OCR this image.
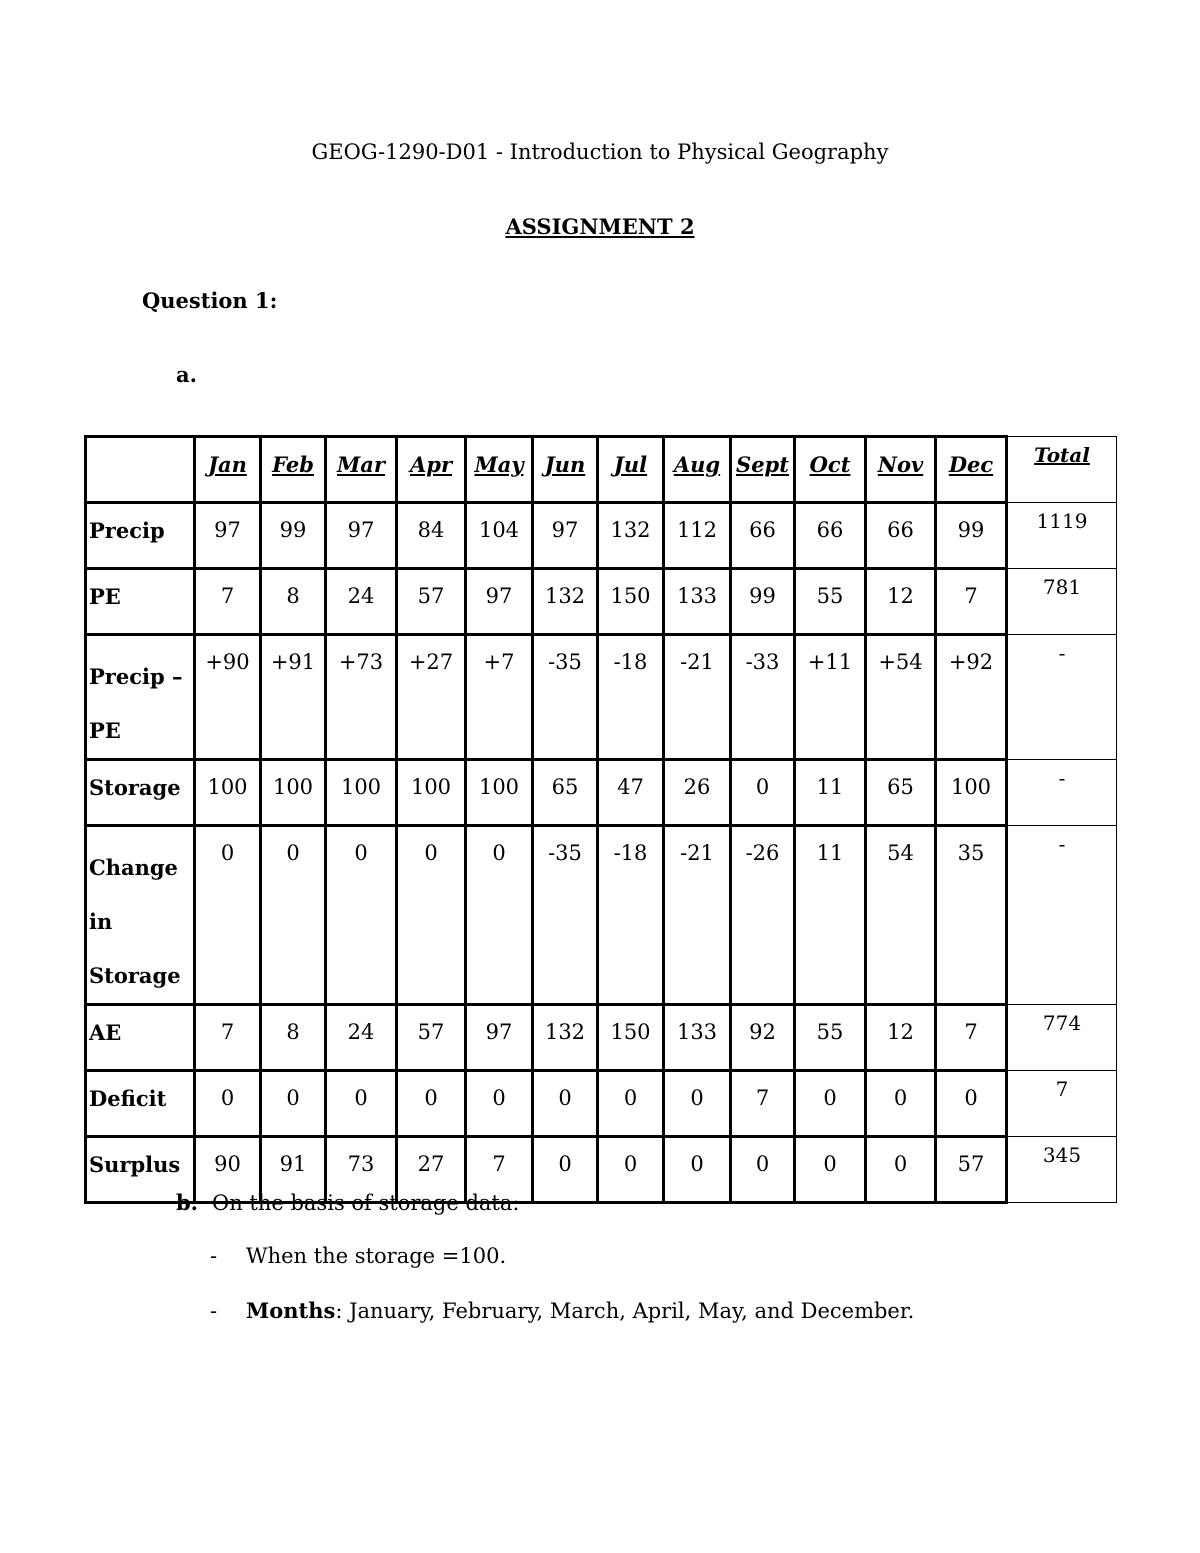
GEOG-1290-D01 - Introduction to Physical Geography
ASSIGNMENT 2
Question 1:
a.
	Jan	Feb	Mar	Apr	May	Jun	Jul	Aug	Sept	Oct	Nov	Dec	Total
Precip	97	99	97	84	104	97	132	112	66	66	66	99	1119
PE	7	8	24	57	97	132	150	133	99	55	12	7	781
Precip – PE	+90	+91	+73	+27	+7	-35	-18	-21	-33	+11	+54	+92	-
Storage	100	100	100	100	100	65	47	26	0	11	65	100	-
Change in Storage	0	0	0	0	0	-35	-18	-21	-26	11	54	35	-
AE	7	8	24	57	97	132	150	133	92	55	12	7	774
Deficit	0	0	0	0	0	0	0	0	7	0	0	0	7
Surplus	90	91	73	27	7	0	0	0	0	0	0	57	345
b. On the basis of storage data:
- When the storage =100.
- Months: January, February, March, April, May, and December.
